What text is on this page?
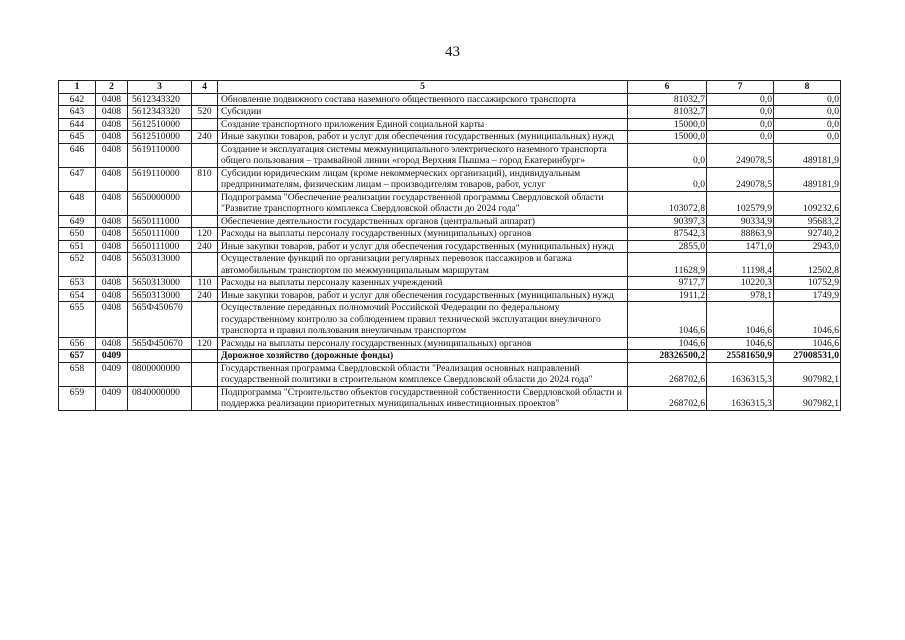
43
1	2	3	4	5	6	7	8
642	0408	5612343320		Обновление подвижного состава наземного общественного пассажирского транспорта	81032,7	0,0	0,0
643	0408	5612343320	520	Субсидии	81032,7	0,0	0,0
644	0408	5612510000		Создание транспортного приложения Единой социальной карты	15000,0	0,0	0,0
645	0408	5612510000	240	Иные закупки товаров, работ и услуг для обеспечения государственных (муниципальных) нужд	15000,0	0,0	0,0
646	0408	5619110000		Создание и эксплуатация системы межмуниципального электрического наземного транспорта общего пользования – трамвайной линии «город Верхняя Пышма – город Екатеринбург»	0,0	249078,5	489181,9
647	0408	5619110000	810	Субсидии юридическим лицам (кроме некоммерческих организаций), индивидуальным предпринимателям, физическим лицам – производителям товаров, работ, услуг	0,0	249078,5	489181,9
648	0408	5650000000		Подпрограмма "Обеспечение реализации государственной программы Свердловской области "Развитие транспортного комплекса Свердловской области до 2024 года"	103072,8	102579,9	109232,6
649	0408	5650111000		Обеспечение деятельности государственных органов (центральный аппарат)	90397,3	90334,9	95683,2
650	0408	5650111000	120	Расходы на выплаты персоналу государственных (муниципальных) органов	87542,3	88863,9	92740,2
651	0408	5650111000	240	Иные закупки товаров, работ и услуг для обеспечения государственных (муниципальных) нужд	2855,0	1471,0	2943,0
652	0408	5650313000		Осуществление функций по организации регулярных перевозок пассажиров и багажа автомобильным транспортом по межмуниципальным маршрутам	11628,9	11198,4	12502,8
653	0408	5650313000	110	Расходы на выплаты персоналу казенных учреждений	9717,7	10220,3	10752,9
654	0408	5650313000	240	Иные закупки товаров, работ и услуг для обеспечения государственных (муниципальных) нужд	1911,2	978,1	1749,9
655	0408	565Ф450670		Осуществление переданных полномочий Российской Федерации по федеральному государственному контролю за соблюдением правил технической эксплуатации внеуличного транспорта и правил пользования внеуличным транспортом	1046,6	1046,6	1046,6
656	0408	565Ф450670	120	Расходы на выплаты персоналу государственных (муниципальных) органов	1046,6	1046,6	1046,6
657	0409			Дорожное хозяйство (дорожные фонды)	28326500,2	25581650,9	27008531,0
658	0409	0800000000		Государственная программа Свердловской области "Реализация основных направлений государственной политики в строительном комплексе Свердловской области до 2024 года"	268702,6	1636315,3	907982,1
659	0409	0840000000		Подпрограмма "Строительство объектов государственной собственности Свердловской области и поддержка реализации приоритетных муниципальных инвестиционных проектов"	268702,6	1636315,3	907982,1
